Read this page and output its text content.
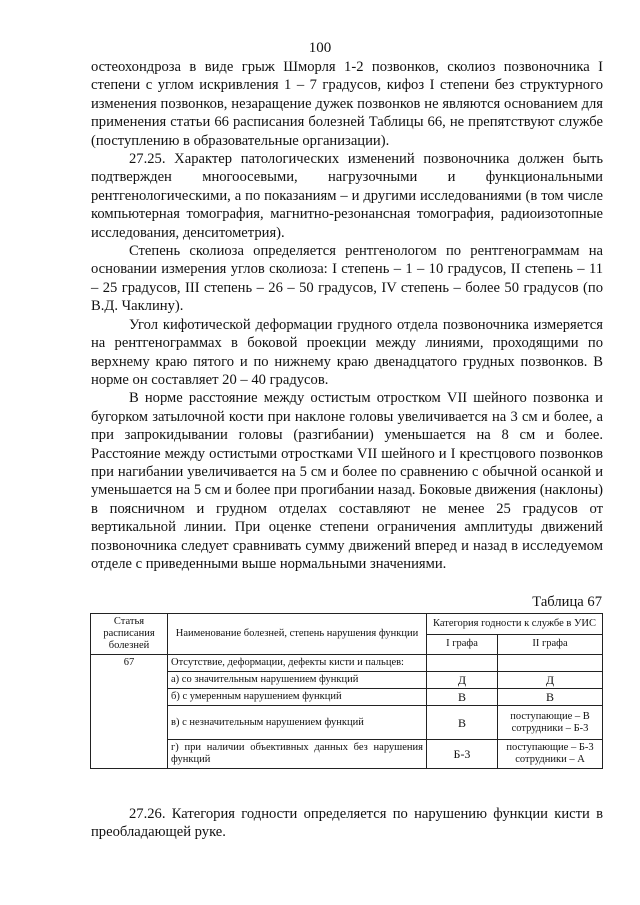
100

остеохондроза в виде грыж Шморля 1-2 позвонков, сколиоз позвоночника I степени с углом искривления 1 – 7 градусов, кифоз I степени без структурного изменения позвонков, незаращение дужек позвонков не являются основанием для применения статьи 66 расписания болезней Таблицы 66, не препятствуют службе (поступлению в образовательные организации).

27.25. Характер патологических изменений позвоночника должен быть подтвержден многоосевыми, нагрузочными и функциональными рентгенологическими, а по показаниям – и другими исследованиями (в том числе компьютерная томография, магнитно-резонансная томография, радиоизотопные исследования, денситометрия).

Степень сколиоза определяется рентгенологом по рентгенограммам на основании измерения углов сколиоза: I степень – 1 – 10 градусов, II степень – 11 – 25 градусов, III степень – 26 – 50 градусов, IV степень – более 50 градусов (по В.Д. Чаклину).

Угол кифотической деформации грудного отдела позвоночника измеряется на рентгенограммах в боковой проекции между линиями, проходящими по верхнему краю пятого и по нижнему краю двенадцатого грудных позвонков. В норме он составляет 20 – 40 градусов.

В норме расстояние между остистым отростком VII шейного позвонка и бугорком затылочной кости при наклоне головы увеличивается на 3 см и более, а при запрокидывании головы (разгибании) уменьшается на 8 см и более. Расстояние между остистыми отростками VII шейного и I крестцового позвонков при нагибании увеличивается на 5 см и более по сравнению с обычной осанкой и уменьшается на 5 см и более при прогибании назад. Боковые движения (наклоны) в поясничном и грудном отделах составляют не менее 25 градусов от вертикальной линии. При оценке степени ограничения амплитуды движений позвоночника следует сравнивать сумму движений вперед и назад в исследуемом отделе с приведенными выше нормальными значениями.

Таблица 67
Статья расписания болезней	Наименование болезней, степень нарушения функции	Категория годности к службе в УИС	
		I графа	II графа
67	Отсутствие, деформации, дефекты кисти и пальцев:		
	а) со значительным нарушением функций	Д	Д
	б) с умеренным нарушением функций	В	В
	в) с незначительным нарушением функций	В	поступающие – В сотрудники – Б-3
	г) при наличии объективных данных без нарушения функций	Б-3	поступающие – Б-3 сотрудники – А

27.26. Категория годности определяется по нарушению функции кисти в преобладающей руке.
